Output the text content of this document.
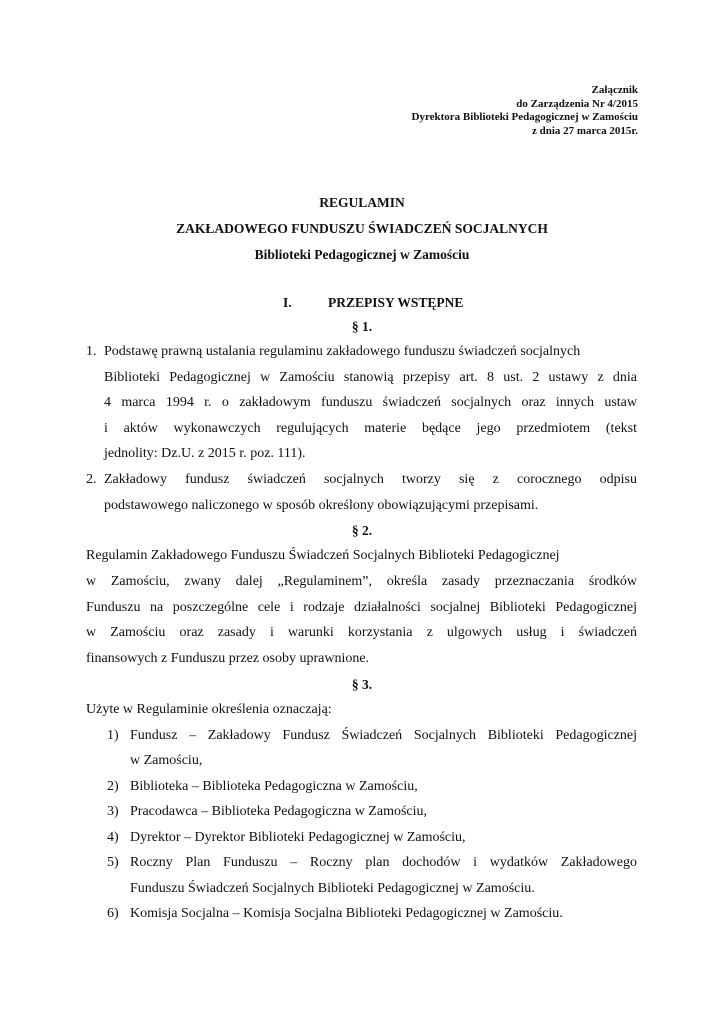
Załącznik
do Zarządzenia Nr 4/2015
Dyrektora Biblioteki Pedagogicznej w Zamościu
z dnia 27 marca 2015r.
REGULAMIN
ZAKŁADOWEGO FUNDUSZU ŚWIADCZEŃ SOCJALNYCH
Biblioteki Pedagogicznej w Zamościu
I.	PRZEPISY WSTĘPNE
§ 1.
1. Podstawę prawną ustalania regulaminu zakładowego funduszu świadczeń socjalnych
Biblioteki Pedagogicznej w Zamościu stanowią przepisy art. 8 ust. 2 ustawy z dnia
4 marca 1994 r. o zakładowym funduszu świadczeń socjalnych oraz innych ustaw
i aktów wykonawczych regulujących materie będące jego przedmiotem (tekst
jednolity: Dz.U. z 2015 r. poz. 111).
2. Zakładowy fundusz świadczeń socjalnych tworzy się z corocznego odpisu
podstawowego naliczonego w sposób określony obowiązującymi przepisami.
§ 2.
Regulamin Zakładowego Funduszu Świadczeń Socjalnych Biblioteki Pedagogicznej
w Zamościu, zwany dalej „Regulaminem”, określa zasady przeznaczania środków
Funduszu na poszczególne cele i rodzaje działalności socjalnej Biblioteki Pedagogicznej
w Zamościu oraz zasady i warunki korzystania z ulgowych usług i świadczeń
finansowych z Funduszu przez osoby uprawnione.
§ 3.
Użyte w Regulaminie określenia oznaczają:
1) Fundusz – Zakładowy Fundusz Świadczeń Socjalnych Biblioteki Pedagogicznej
w Zamościu,
2) Biblioteka – Biblioteka Pedagogiczna w Zamościu,
3) Pracodawca – Biblioteka Pedagogiczna w Zamościu,
4) Dyrektor – Dyrektor Biblioteki Pedagogicznej w Zamościu,
5) Roczny Plan Funduszu – Roczny plan dochodów i wydatków Zakładowego
Funduszu Świadczeń Socjalnych Biblioteki Pedagogicznej w Zamościu.
6) Komisja Socjalna – Komisja Socjalna Biblioteki Pedagogicznej w Zamościu.
